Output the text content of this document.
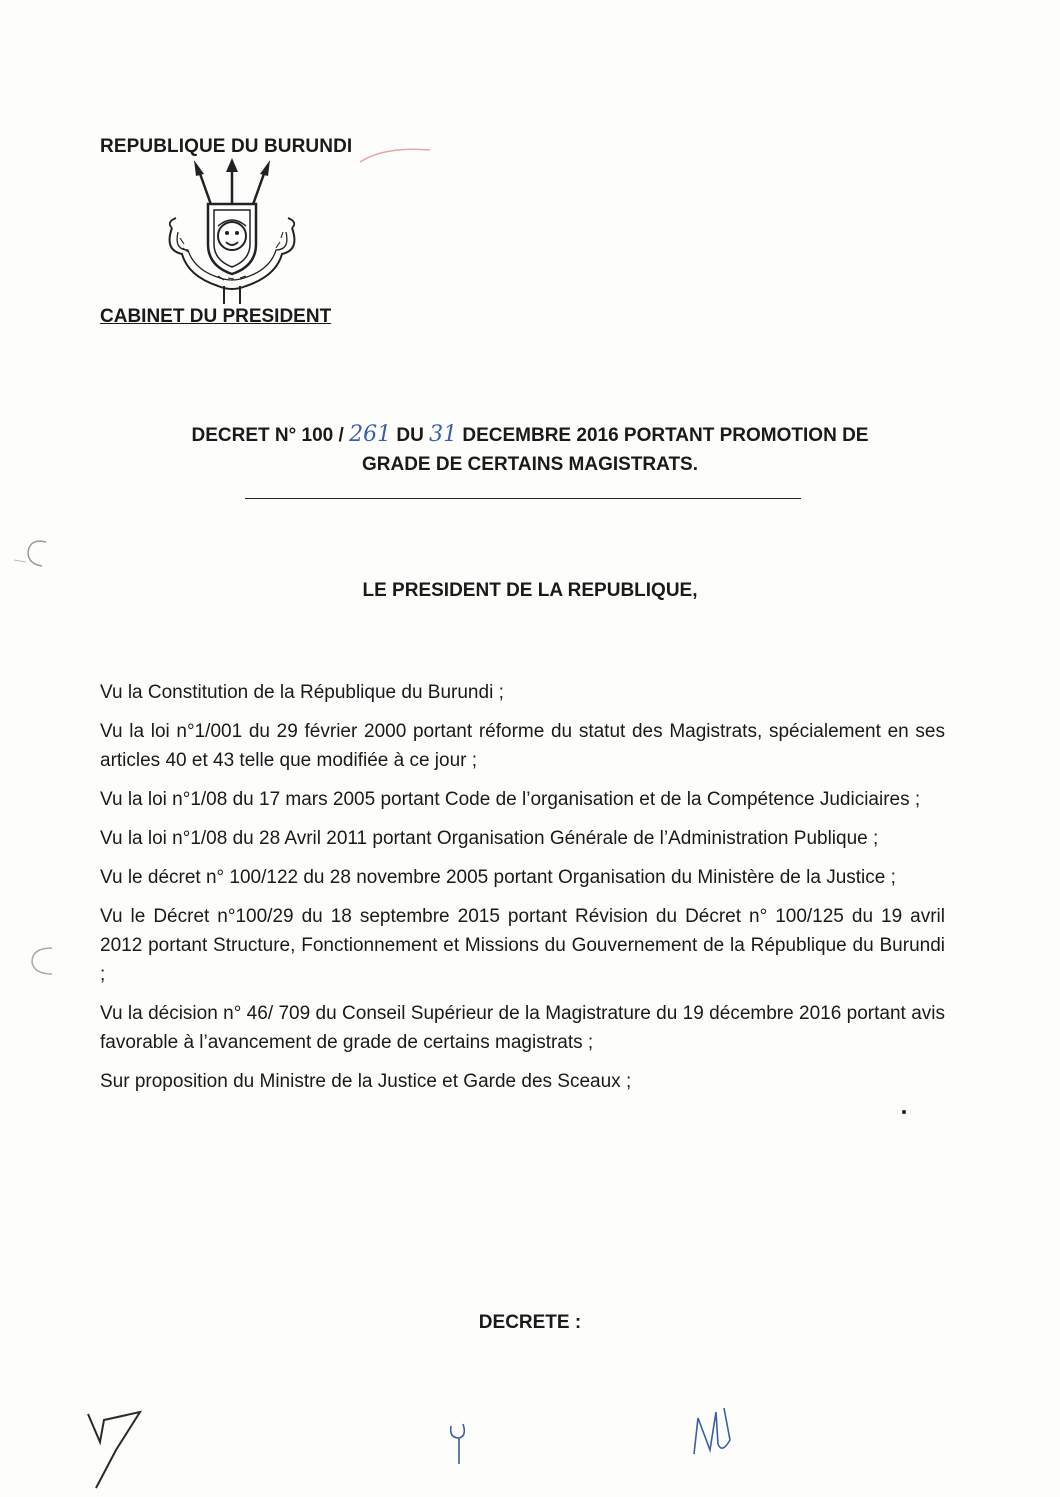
REPUBLIQUE DU BURUNDI
CABINET DU PRESIDENT
DECRET N° 100 / 261 DU 31 DECEMBRE 2016 PORTANT PROMOTION DE
GRADE DE CERTAINS MAGISTRATS.
LE PRESIDENT DE LA REPUBLIQUE,

Vu la Constitution de la République du Burundi ;

Vu la loi n°1/001 du 29 février 2000 portant réforme du statut des Magistrats, spécialement en ses articles 40 et 43 telle que modifiée à ce jour ;

Vu la loi n°1/08 du 17 mars 2005 portant Code de l’organisation et de la Compétence Judiciaires ;

Vu la loi n°1/08 du 28 Avril 2011 portant Organisation Générale de l’Administration Publique ;

Vu le décret n° 100/122 du 28 novembre 2005 portant Organisation du Ministère de la Justice ;

Vu le Décret n°100/29 du 18 septembre 2015 portant Révision du Décret n° 100/125 du 19 avril 2012 portant Structure, Fonctionnement et Missions du Gouvernement de la République du Burundi ;

Vu la décision n° 46/ 709 du Conseil Supérieur de la Magistrature du 19 décembre 2016 portant avis favorable à l’avancement de grade de certains magistrats ;

Sur proposition du Ministre de la Justice et Garde des Sceaux ;

DECRETE :
